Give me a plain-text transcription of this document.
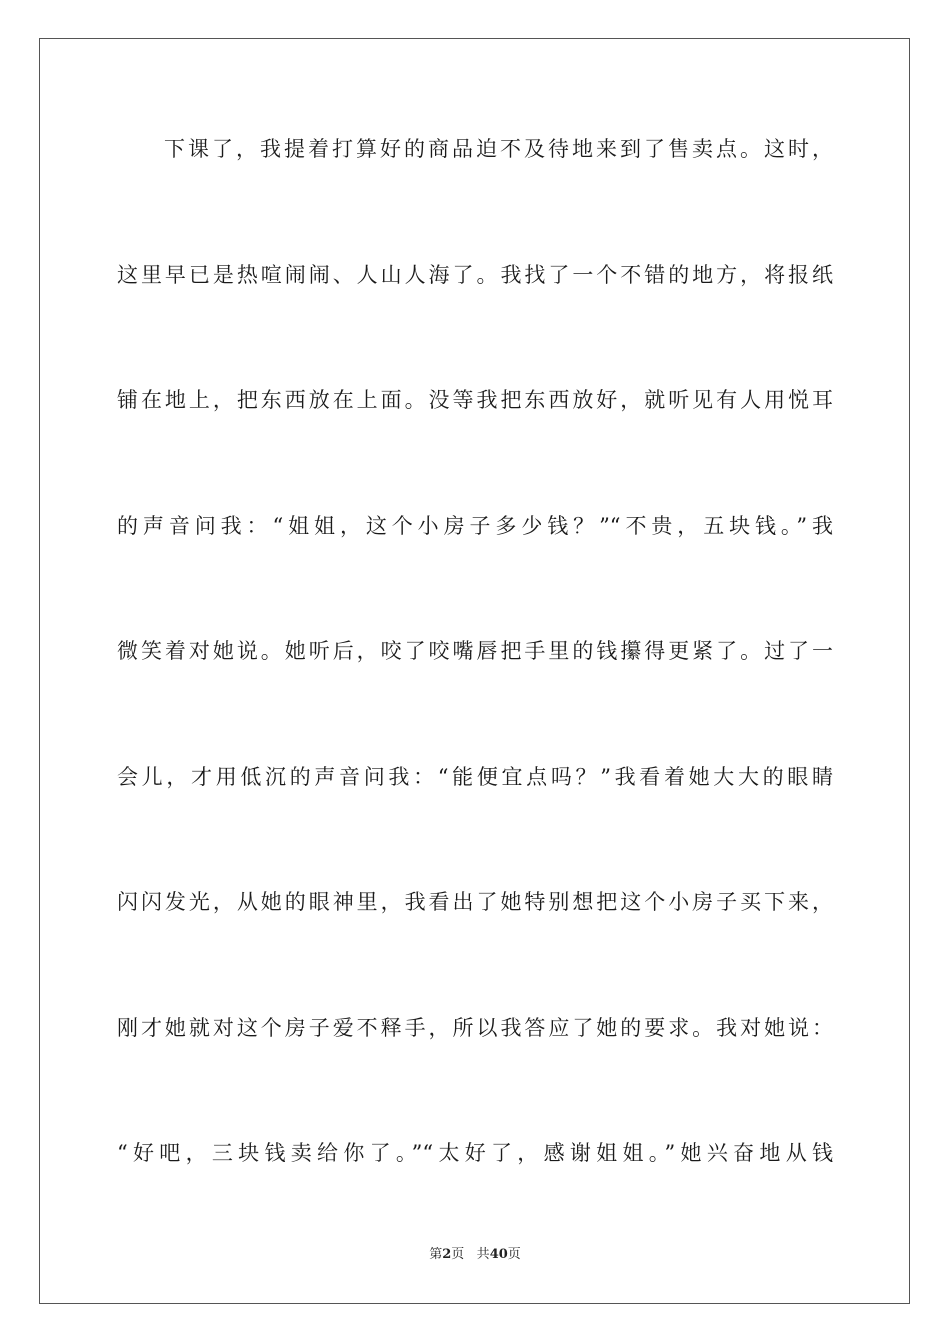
下课了，我提着打算好的商品迫不及待地来到了售卖点。这时，
这里早已是热喧闹闹、人山人海了。我找了一个不错的地方，将报纸
铺在地上，把东西放在上面。没等我把东西放好，就听见有人用悦耳
的声音问我：“姐姐，这个小房子多少钱？”“不贵，五块钱。”我
微笑着对她说。她听后，咬了咬嘴唇把手里的钱攥得更紧了。过了一
会儿，才用低沉的声音问我：“能便宜点吗？”我看着她大大的眼睛
闪闪发光，从她的眼神里，我看出了她特别想把这个小房子买下来，
刚才她就对这个房子爱不释手，所以我答应了她的要求。我对她说：
“好吧，三块钱卖给你了。”“太好了，感谢姐姐。”她兴奋地从钱
第2页 共40页
